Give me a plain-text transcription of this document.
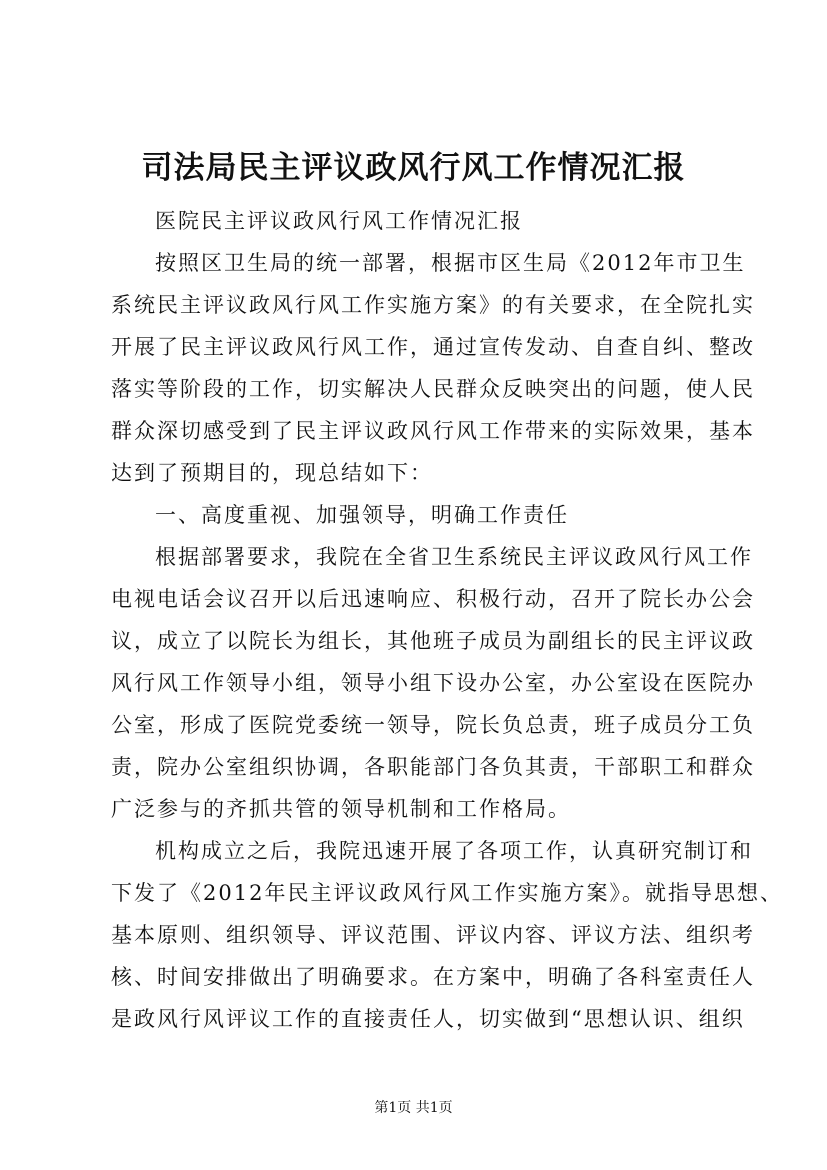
司法局民主评议政风行风工作情况汇报
医院民主评议政风行风工作情况汇报
按照区卫生局的统一部署，根据市区生局《2012年市卫生
系统民主评议政风行风工作实施方案》的有关要求，在全院扎实
开展了民主评议政风行风工作，通过宣传发动、自查自纠、整改
落实等阶段的工作，切实解决人民群众反映突出的问题，使人民
群众深切感受到了民主评议政风行风工作带来的实际效果，基本
达到了预期目的，现总结如下：
一、高度重视、加强领导，明确工作责任
根据部署要求，我院在全省卫生系统民主评议政风行风工作
电视电话会议召开以后迅速响应、积极行动，召开了院长办公会
议，成立了以院长为组长，其他班子成员为副组长的民主评议政
风行风工作领导小组，领导小组下设办公室，办公室设在医院办
公室，形成了医院党委统一领导，院长负总责，班子成员分工负
责，院办公室组织协调，各职能部门各负其责，干部职工和群众
广泛参与的齐抓共管的领导机制和工作格局。
机构成立之后，我院迅速开展了各项工作，认真研究制订和
下发了《2012年民主评议政风行风工作实施方案》。就指导思想、
基本原则、组织领导、评议范围、评议内容、评议方法、组织考
核、时间安排做出了明确要求。在方案中，明确了各科室责任人
是政风行风评议工作的直接责任人，切实做到“思想认识、组织
第1页 共1页
